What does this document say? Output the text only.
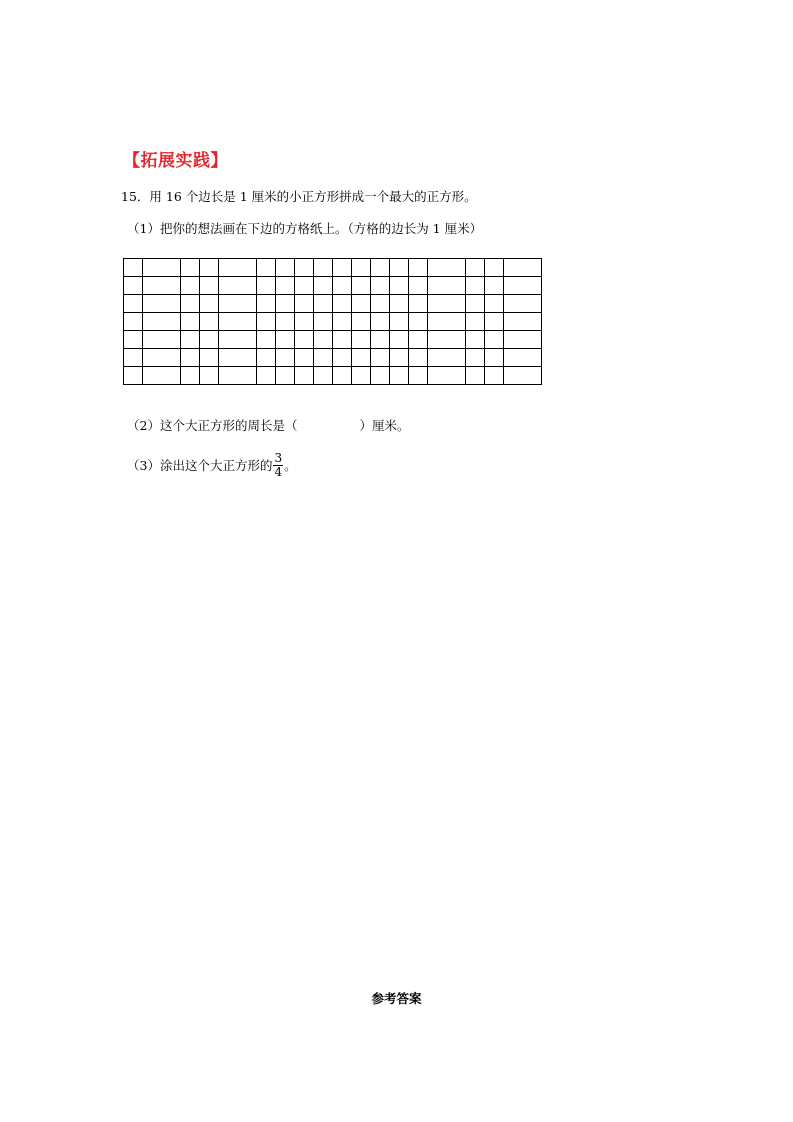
【拓展实践】
15．用 16 个边长是 1 厘米的小正方形拼成一个最大的正方形。
（1）把你的想法画在下边的方格纸上。（方格的边长为 1 厘米）

（2）这个大正方形的周长是（	）厘米。
（3）涂出这个大正方形的 $\frac{3}{4}$ 。
参考答案
